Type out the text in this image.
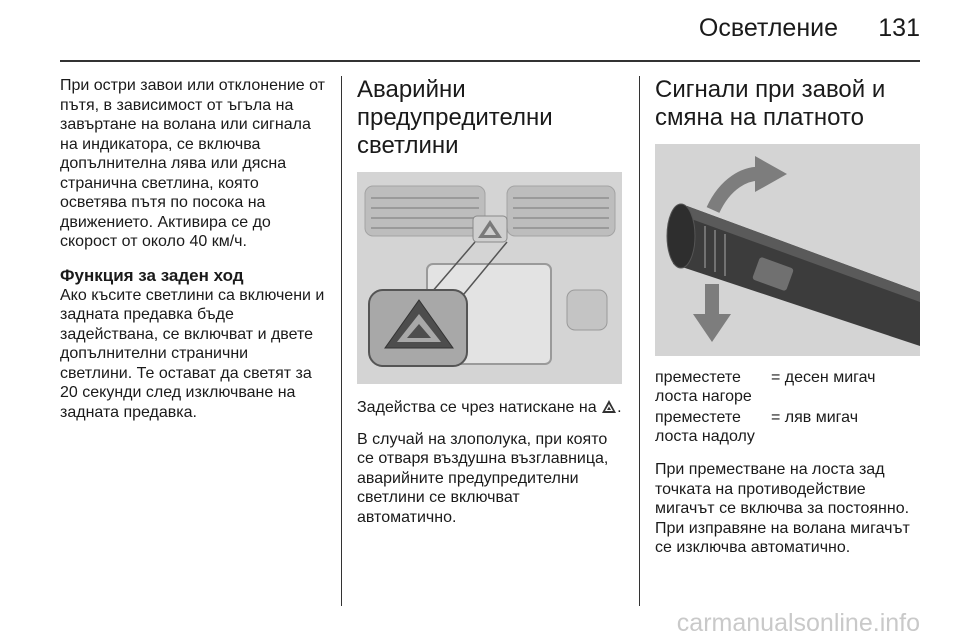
Осветление 131

При остри завои или отклонение от
пътя, в зависимост от ъгъла на
завъртане на волана или сигнала
на индикатора, се включва
допълнителна лява или дясна
странична светлина, която
осветява пътя по посока на
движението. Активира се до
скорост от около 40 км/ч.

Функция за заден ход

Ако къситe светлини са включени и
задната предавка бъде
задействана, се включват и двете
допълнителни странични
светлини. Те остават да светят за
20 секунди след изключване на
задната предавка.

Аварийни
предупредителни
светлини

Задействa се чрез натискане на .

В случай на злополука, при която
се отваря въздушна възглавница,
аварийните предупредителни
светлини се включват
автоматично.

Сигнали при завой и
смяна на платното
преместете
лоста нагоре
= десен мигач
преместете
лоста надолу
= ляв мигач

При преместване на лоста зад
точката на противодействие
мигачът се включва за постоянно.
При изправяне на волана мигачът
се изключва автоматично.

carmanualsonline.info
